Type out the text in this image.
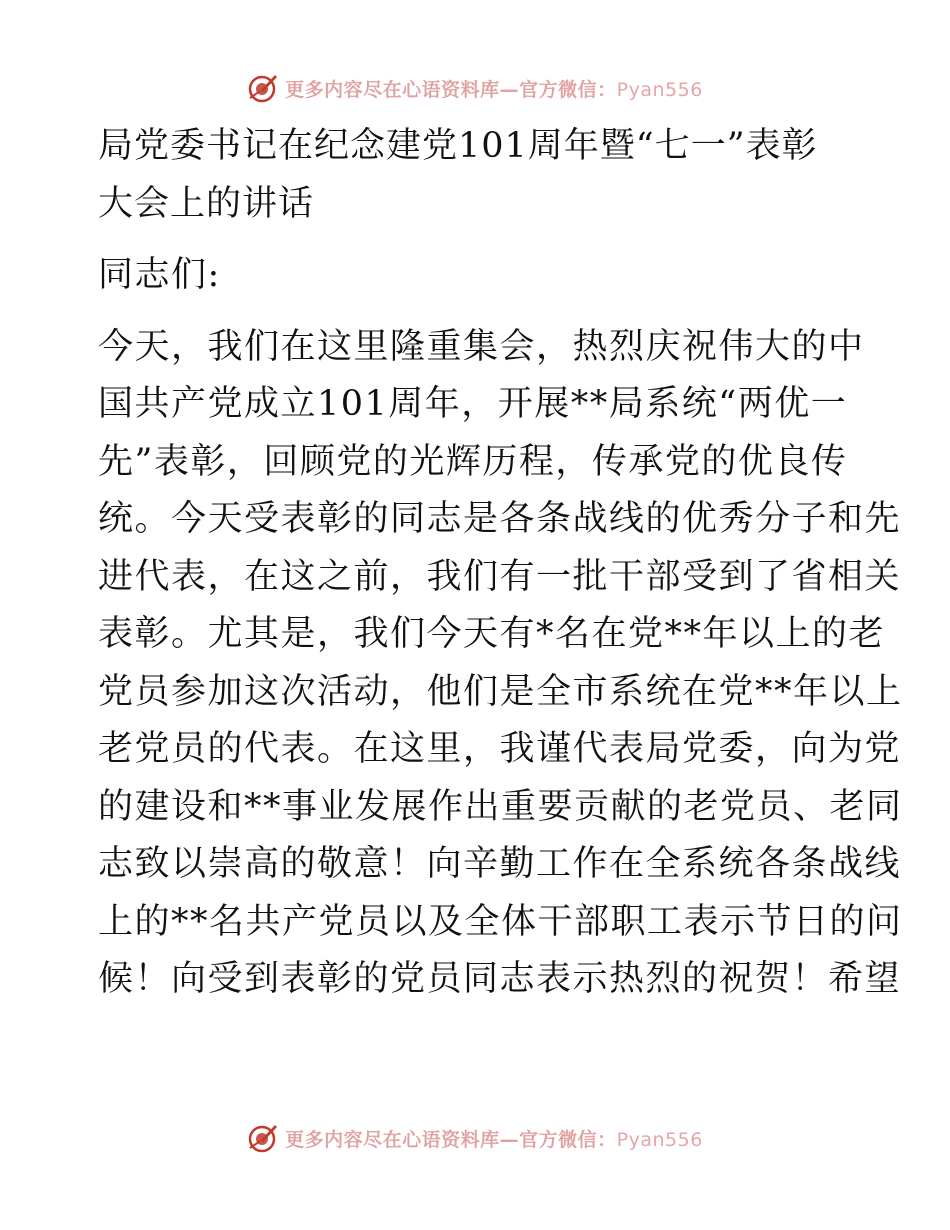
更多内容尽在心语资料库—官方微信：Pyan556
局党委书记在纪念建党101周年暨“七一”表彰
大会上的讲话
同志们:
今天，我们在这里隆重集会，热烈庆祝伟大的中
国共产党成立101周年，开展**局系统“两优一
先”表彰，回顾党的光辉历程，传承党的优良传
统。今天受表彰的同志是各条战线的优秀分子和先
进代表，在这之前，我们有一批干部受到了省相关
表彰。尤其是，我们今天有*名在党**年以上的老
党员参加这次活动，他们是全市系统在党**年以上
老党员的代表。在这里，我谨代表局党委，向为党
的建设和**事业发展作出重要贡献的老党员、老同
志致以崇高的敬意！向辛勤工作在全系统各条战线
上的**名共产党员以及全体干部职工表示节日的问
候！向受到表彰的党员同志表示热烈的祝贺！希望
更多内容尽在心语资料库—官方微信：Pyan556
